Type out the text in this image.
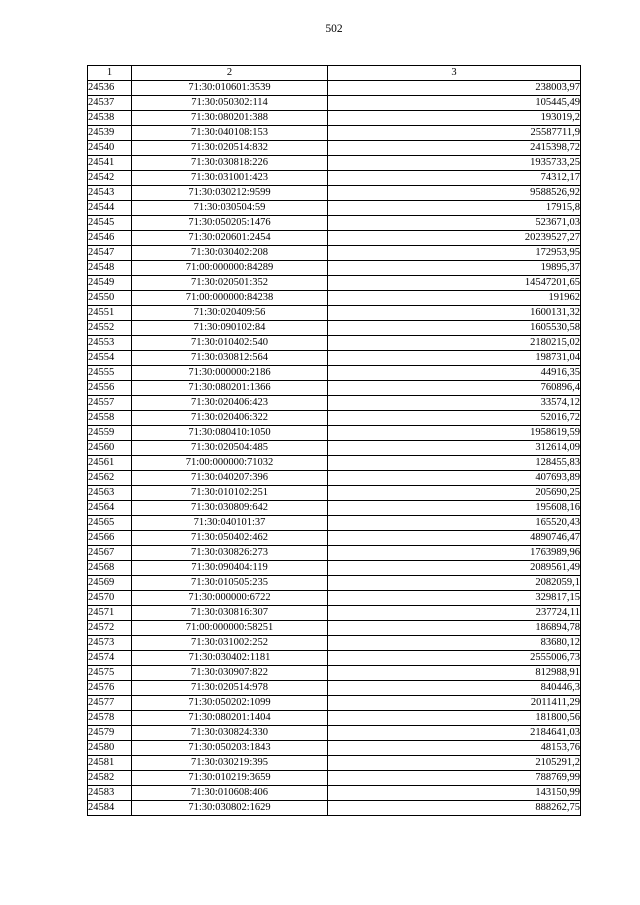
502
1	2	3
24536	71:30:010601:3539	238003,97
24537	71:30:050302:114	105445,49
24538	71:30:080201:388	193019,2
24539	71:30:040108:153	25587711,9
24540	71:30:020514:832	2415398,72
24541	71:30:030818:226	1935733,25
24542	71:30:031001:423	74312,17
24543	71:30:030212:9599	9588526,92
24544	71:30:030504:59	17915,8
24545	71:30:050205:1476	523671,03
24546	71:30:020601:2454	20239527,27
24547	71:30:030402:208	172953,95
24548	71:00:000000:84289	19895,37
24549	71:30:020501:352	14547201,65
24550	71:00:000000:84238	191962
24551	71:30:020409:56	1600131,32
24552	71:30:090102:84	1605530,58
24553	71:30:010402:540	2180215,02
24554	71:30:030812:564	198731,04
24555	71:30:000000:2186	44916,35
24556	71:30:080201:1366	760896,4
24557	71:30:020406:423	33574,12
24558	71:30:020406:322	52016,72
24559	71:30:080410:1050	1958619,59
24560	71:30:020504:485	312614,09
24561	71:00:000000:71032	128455,83
24562	71:30:040207:396	407693,89
24563	71:30:010102:251	205690,25
24564	71:30:030809:642	195608,16
24565	71:30:040101:37	165520,43
24566	71:30:050402:462	4890746,47
24567	71:30:030826:273	1763989,96
24568	71:30:090404:119	2089561,49
24569	71:30:010505:235	2082059,1
24570	71:30:000000:6722	329817,15
24571	71:30:030816:307	237724,11
24572	71:00:000000:58251	186894,78
24573	71:30:031002:252	83680,12
24574	71:30:030402:1181	2555006,73
24575	71:30:030907:822	812988,91
24576	71:30:020514:978	840446,3
24577	71:30:050202:1099	2011411,29
24578	71:30:080201:1404	181800,56
24579	71:30:030824:330	2184641,03
24580	71:30:050203:1843	48153,76
24581	71:30:030219:395	2105291,2
24582	71:30:010219:3659	788769,99
24583	71:30:010608:406	143150,99
24584	71:30:030802:1629	888262,75
